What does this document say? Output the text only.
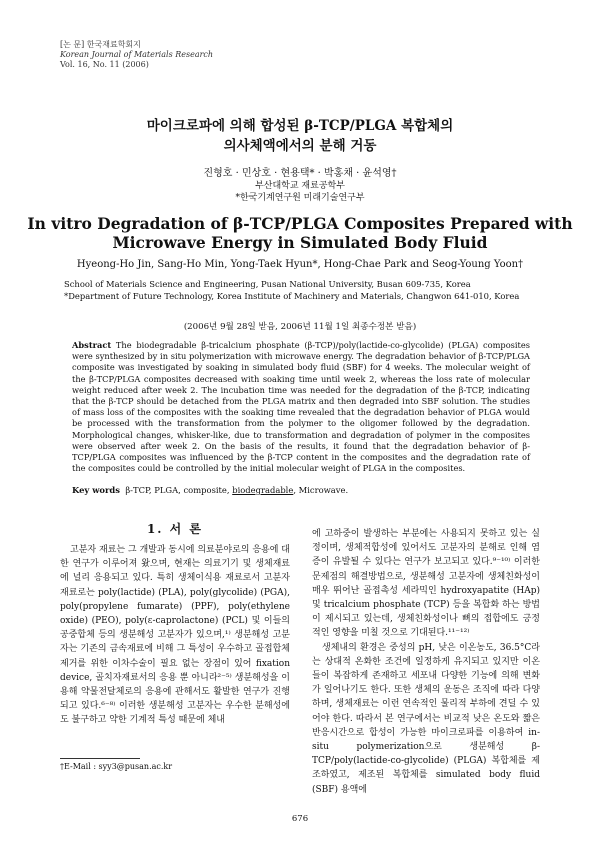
[논 문] 한국재료학회지
Korean Journal of Materials Research
Vol. 16, No. 11 (2006)
마이크로파에 의해 합성된 β-TCP/PLGA 복합체의
의사체액에서의 분해 거동
진형호 · 민상호 · 현용택* · 박홍채 · 윤석영†
부산대학교 재료공학부
*한국기계연구원 미래기술연구부
In vitro Degradation of β-TCP/PLGA Composites Prepared with
Microwave Energy in Simulated Body Fluid
Hyeong-Ho Jin, Sang-Ho Min, Yong-Taek Hyun*, Hong-Chae Park and Seog-Young Yoon†
School of Materials Science and Engineering, Pusan National University, Busan 609-735, Korea
*Department of Future Technology, Korea Institute of Machinery and Materials, Changwon 641-010, Korea
(2006년 9월 28일 받음, 2006년 11월 1일 최종수정본 받음)
Abstract The biodegradable β-tricalcium phosphate (β-TCP)/poly(lactide-co-glycolide) (PLGA) composites were synthesized by in situ polymerization with microwave energy. The degradation behavior of β-TCP/PLGA composite was investigated by soaking in simulated body fluid (SBF) for 4 weeks. The molecular weight of the β-TCP/PLGA composites decreased with soaking time until week 2, whereas the loss rate of molecular weight reduced after week 2. The incubation time was needed for the degradation of the β-TCP, indicating that the β-TCP should be detached from the PLGA matrix and then degraded into SBF solution. The studies of mass loss of the composites with the soaking time revealed that the degradation behavior of PLGA would be processed with the transformation from the polymer to the oligomer followed by the degradation. Morphological changes, whisker-like, due to transformation and degradation of polymer in the composites were observed after week 2. On the basis of the results, it found that the degradation behavior of β-TCP/PLGA composites was influenced by the β-TCP content in the composites and the degradation rate of the composites could be controlled by the initial molecular weight of PLGA in the composites.
Key words β-TCP, PLGA, composite, biodegradable, Microwave.
1. 서 론

고분자 재료는 그 개발과 동시에 의료분야로의 응용에 대한 연구가 이루어져 왔으며, 현재는 의료기기 및 생체재료에 널리 응용되고 있다. 특히 생체이식용 재료로서 고분자 재료로는 poly(lactide) (PLA), poly(glycolide) (PGA), poly(propylene fumarate) (PPF), poly(ethylene oxide) (PEO), poly(ε-caprolactone) (PCL) 및 이들의 공중합체 등의 생분해성 고분자가 있으며,¹⁾ 생분해성 고분자는 기존의 금속재료에 비해 그 특성이 우수하고 골접합체 제거를 위한 이차수술이 필요 없는 장점이 있어 fixation device, 골치자재료서의 응용 뿐 아니라²⁻⁵⁾ 생분해성을 이용해 약물전달체로의 응용에 관해서도 활발한 연구가 진행되고 있다.⁶⁻⁸⁾ 이러한 생분해성 고분자는 우수한 분해성에도 불구하고 약한 기계적 특성 때문에 체내

에 고하중이 발생하는 부분에는 사용되지 못하고 있는 실정이며, 생체적합성에 있어서도 고분자의 분해로 인해 염증이 유발될 수 있다는 연구가 보고되고 있다.⁹⁻¹⁰⁾ 이러한 문제점의 해결방법으로, 생분해성 고분자에 생체친화성이 매우 뛰어난 골접촉성 세라믹인 hydroxyapatite (HAp) 및 tricalcium phosphate (TCP) 등을 복합화 하는 방법이 제시되고 있는데, 생체친화성이나 뼈의 접합에도 긍정적인 영향을 미칠 것으로 기대된다.¹¹⁻¹²⁾

생체내의 환경은 중성의 pH, 낮은 이온농도, 36.5°C라는 상대적 온화한 조건에 일정하게 유지되고 있지만 이온들이 복잡하게 존재하고 세포내 다양한 기능에 의해 변화가 일어나기도 한다. 또한 생체의 운동은 조직에 따라 다양하며, 생체재료는 이런 연속적인 물리적 부하에 견딜 수 있어야 한다. 따라서 본 연구에서는 비교적 낮은 온도와 짧은 반응시간으로 합성이 가능한 마이크로파를 이용하여 in-situ polymerization으로 생분해성 β-TCP/poly(lactide-co-glycolide) (PLGA) 복합체를 제조하였고, 제조된 복합체를 simulated body fluid (SBF) 용액에

†E-Mail : syy3@pusan.ac.kr
676
